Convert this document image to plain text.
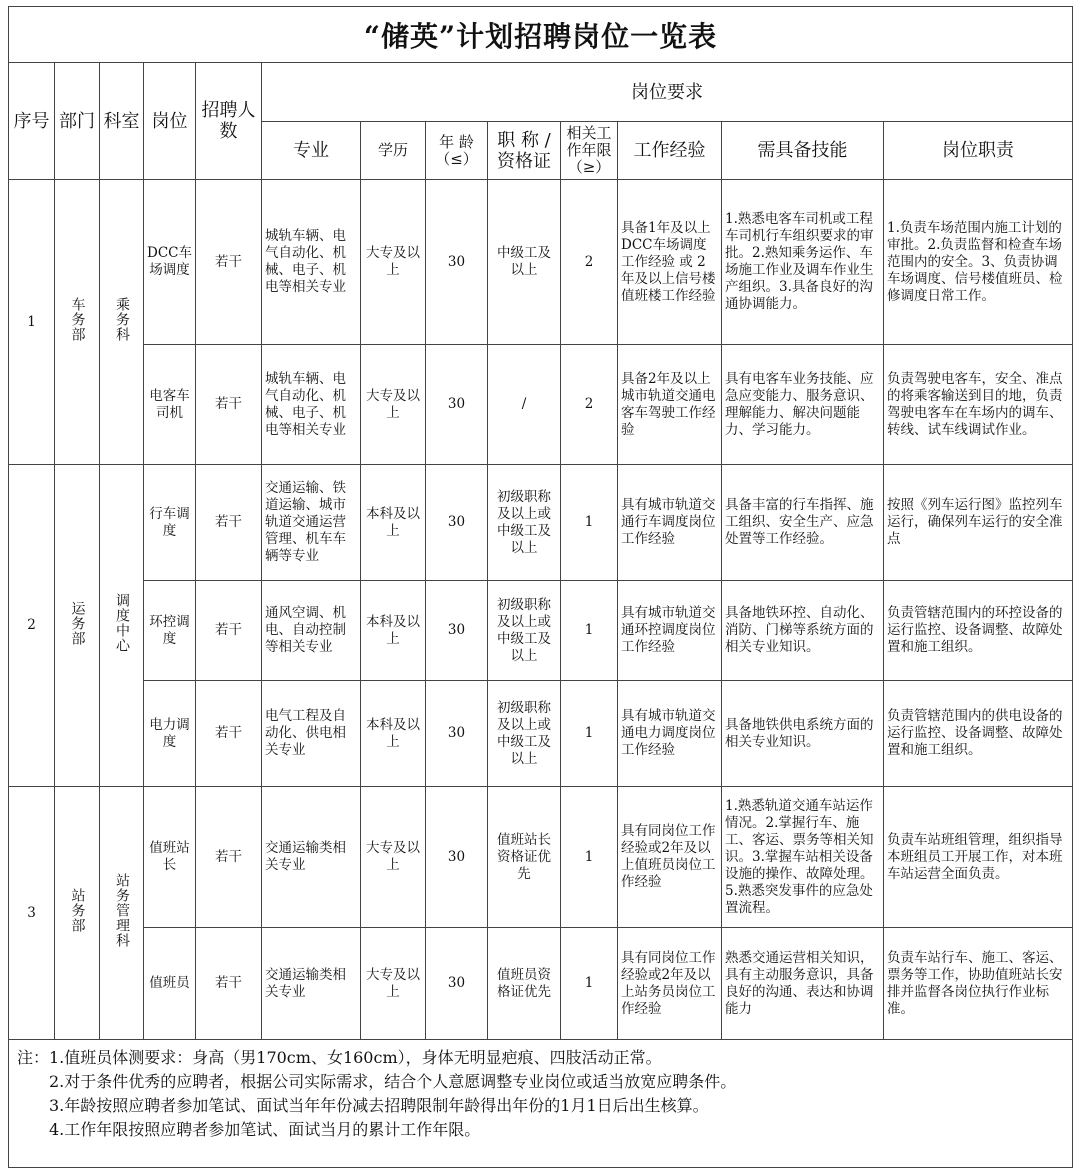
“储英”计划招聘岗位一览表												
序号	部门	科室	岗位	招聘人数	岗位要求							
					专业	学历	年 龄（≤）	职 称 / 资格证	相关工作年限（≥）	工作经验	需具备技能	岗位职责
1	车务部	乘务科	DCC车场调度	若干	城轨车辆、电气自动化、机械、电子、机电等相关专业	大专及以上	30	中级工及以上	2	具备1年及以上DCC车场调度工作经验 或 2年及以上信号楼值班楼工作经验	1.熟悉电客车司机或工程车司机行车组织要求的审批。2.熟知乘务运作、车场施工作业及调车作业生产组织。3.具备良好的沟通协调能力。	1.负责车场范围内施工计划的审批。2.负责监督和检查车场范围内的安全。3、负责协调车场调度、信号楼值班员、检修调度日常工作。
			电客车司机	若干	城轨车辆、电气自动化、机械、电子、机电等相关专业	大专及以上	30	/	2	具备2年及以上城市轨道交通电客车驾驶工作经验	具有电客车业务技能、应急应变能力、服务意识、理解能力、解决问题能力、学习能力。	负责驾驶电客车，安全、准点的将乘客输送到目的地，负责驾驶电客车在车场内的调车、转线、试车线调试作业。
2	运务部	调度中心	行车调度	若干	交通运输、铁道运输、城市轨道交通运营管理、机车车辆等专业	本科及以上	30	初级职称及以上或中级工及以上	1	具有城市轨道交通行车调度岗位工作经验	具备丰富的行车指挥、施工组织、安全生产、应急处置等工作经验。	按照《列车运行图》监控列车运行，确保列车运行的安全准点
			环控调度	若干	通风空调、机电、自动控制等相关专业	本科及以上	30	初级职称及以上或中级工及以上	1	具有城市轨道交通环控调度岗位工作经验	具备地铁环控、自动化、消防、门梯等系统方面的相关专业知识。	负责管辖范围内的环控设备的运行监控、设备调整、故障处置和施工组织。
			电力调度	若干	电气工程及自动化、供电相关专业	本科及以上	30	初级职称及以上或中级工及以上	1	具有城市轨道交通电力调度岗位工作经验	具备地铁供电系统方面的相关专业知识。	负责管辖范围内的供电设备的运行监控、设备调整、故障处置和施工组织。
3	站务部	站务管理科	值班站长	若干	交通运输类相关专业	大专及以上	30	值班站长资格证优先	1	具有同岗位工作经验或2年及以上值班员岗位工作经验	1.熟悉轨道交通车站运作情况。2.掌握行车、施工、客运、票务等相关知识。3.掌握车站相关设备设施的操作、故障处理。5.熟悉突发事件的应急处置流程。	负责车站班组管理，组织指导本班组员工开展工作，对本班车站运营全面负责。
			值班员	若干	交通运输类相关专业	大专及以上	30	值班员资格证优先	1	具有同岗位工作经验或2年及以上站务员岗位工作经验	熟悉交通运营相关知识，具有主动服务意识，具备良好的沟通、表达和协调能力	负责车站行车、施工、客运、票务等工作，协助值班站长安排并监督各岗位执行作业标准。

注：1.值班员体测要求：身高（男170cm、女160cm），身体无明显疤痕、四肢活动正常。
2.对于条件优秀的应聘者，根据公司实际需求，结合个人意愿调整专业岗位或适当放宽应聘条件。
3.年龄按照应聘者参加笔试、面试当年年份减去招聘限制年龄得出年份的1月1日后出生核算。
4.工作年限按照应聘者参加笔试、面试当月的累计工作年限。												
